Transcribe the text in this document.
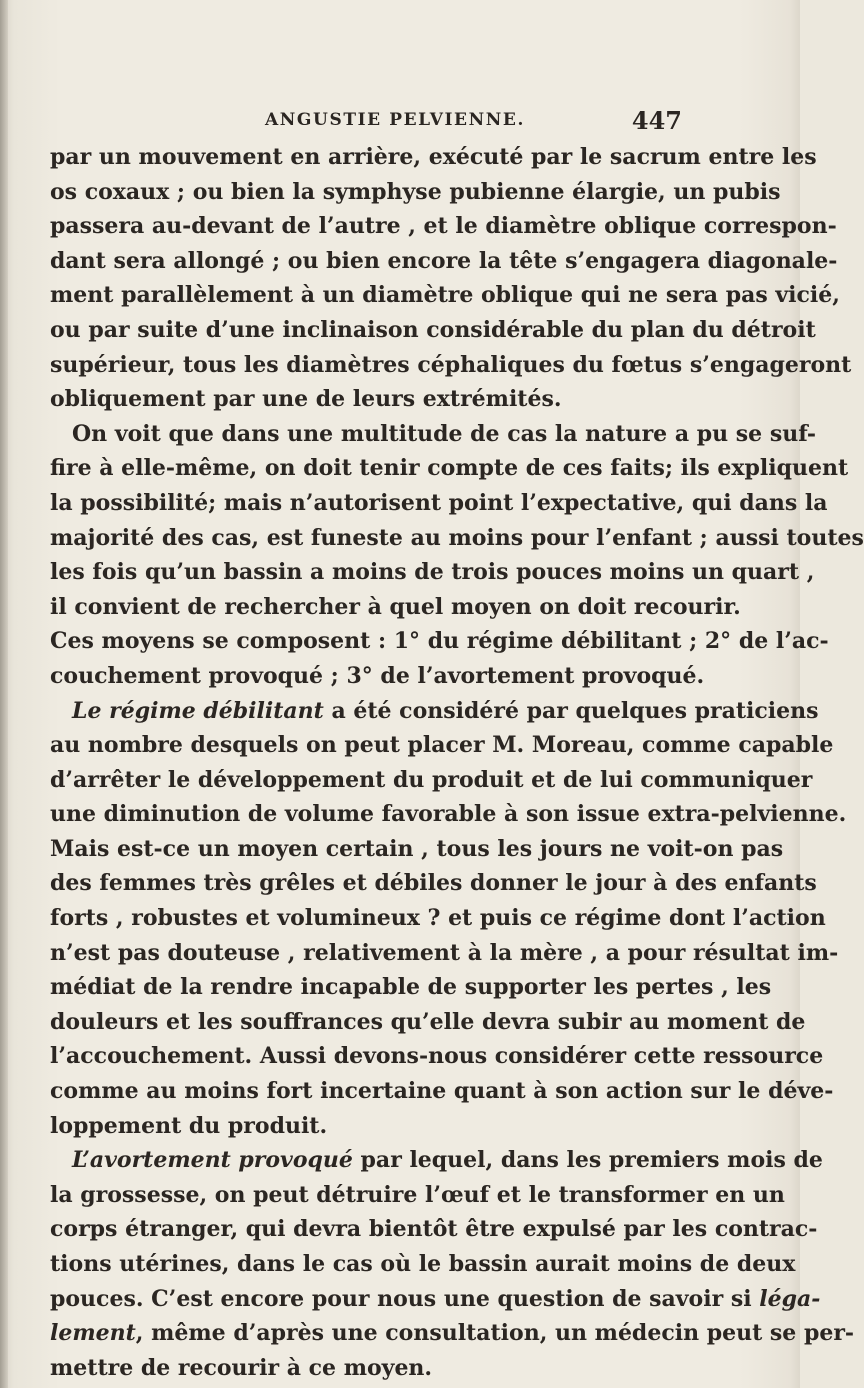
ANGUSTIE PELVIENNE.	447
par un mouvement en arrière, exécuté par le sacrum entre les
os coxaux ; ou bien la symphyse pubienne élargie, un pubis
passera au-devant de l’autre , et le diamètre oblique correspon-
dant sera allongé ; ou bien encore la tête s’engagera diagonale-
ment parallèlement à un diamètre oblique qui ne sera pas vicié,
ou par suite d’une inclinaison considérable du plan du détroit
supérieur, tous les diamètres céphaliques du fœtus s’engageront
obliquement par une de leurs extrémités.
On voit que dans une multitude de cas la nature a pu se suf-
fire à elle-même, on doit tenir compte de ces faits; ils expliquent
la possibilité; mais n’autorisent point l’expectative, qui dans la
majorité des cas, est funeste au moins pour l’enfant ; aussi toutes
les fois qu’un bassin a moins de trois pouces moins un quart ,
il convient de rechercher à quel moyen on doit recourir.
Ces moyens se composent : 1° du régime débilitant ; 2° de l’ac-
couchement provoqué ; 3° de l’avortement provoqué.
Le régime débilitant a été considéré par quelques praticiens
au nombre desquels on peut placer M. Moreau, comme capable
d’arrêter le développement du produit et de lui communiquer
une diminution de volume favorable à son issue extra-pelvienne.
Mais est-ce un moyen certain , tous les jours ne voit-on pas
des femmes très grêles et débiles donner le jour à des enfants
forts , robustes et volumineux ? et puis ce régime dont l’action
n’est pas douteuse , relativement à la mère , a pour résultat im-
médiat de la rendre incapable de supporter les pertes , les
douleurs et les souffrances qu’elle devra subir au moment de
l’accouchement. Aussi devons-nous considérer cette ressource
comme au moins fort incertaine quant à son action sur le déve-
loppement du produit.
L’avortement provoqué par lequel, dans les premiers mois de
la grossesse, on peut détruire l’œuf et le transformer en un
corps étranger, qui devra bientôt être expulsé par les contrac-
tions utérines, dans le cas où le bassin aurait moins de deux
pouces. C’est encore pour nous une question de savoir si léga-
lement, même d’après une consultation, un médecin peut se per-
mettre de recourir à ce moyen.
